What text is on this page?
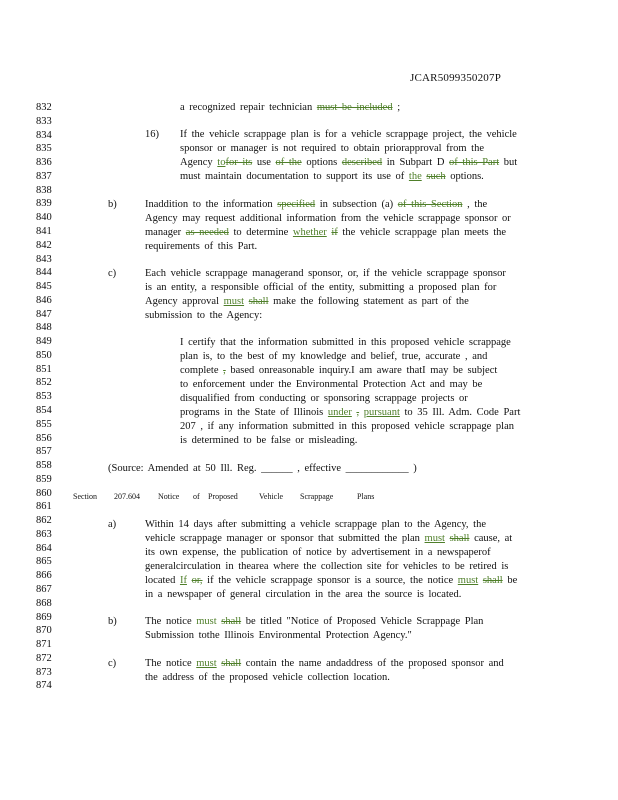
JCAR5099350207P
832
833
834
835
836
837
838
839
840
841
842
843
844
845
846
847
848
849
850
851
852
853
854
855
856
857
858
859
860
861
862
863
864
865
866
867
868
869
870
871
872
873
874
a recognized repair technician must be included ;
16) If the vehicle scrappage plan is for a vehicle scrappage project, the vehicle
sponsor or manager is not required to obtain priorapproval from the
Agency tofor its use of the options described in Subpart D of this Part but
must maintain documentation to support its use of the such options.
b)	Inaddition to the information specified in subsection (a) of this Section , the
Agency may request additional information from the vehicle scrappage sponsor or
manager as needed to determine whether if the vehicle scrappage plan meets the
requirements of this Part.
c)	Each vehicle scrappage managerand sponsor, or, if the vehicle scrappage sponsor
is an entity, a responsible official of the entity, submitting a proposed plan for
Agency approval must shall make the following statement as part of the
submission to the Agency:
I certify that the information submitted in this proposed vehicle scrappage
plan is, to the best of my knowledge and belief, true, accurate , and
complete , based onreasonable inquiry.I am aware thatI may be subject
to enforcement under the Environmental Protection Act and may be
disqualified from conducting or sponsoring scrappage projects or
programs in the State of Illinois under , pursuant to 35 Ill. Adm. Code Part
207 , if any information submitted in this proposed vehicle scrappage plan
is determined to be false or misleading.
(Source: Amended at 50 Ill. Reg. ______ , effective ____________ )
Section 207.604 Notice of Proposed	Vehicle Scrappage	Plans
a)	Within 14 days after submitting a vehicle scrappage plan to the Agency, the
vehicle scrappage manager or sponsor that submitted the plan must shall cause, at
its own expense, the publication of notice by advertisement in a newspaperof
generalcirculation in thearea where the collection site for vehicles to be retired is
located If or, if the vehicle scrappage sponsor is a source, the notice must shall be
in a newspaper of general circulation in the area the source is located.
b)	The notice must shall be titled "Notice of Proposed Vehicle Scrappage Plan
Submission tothe Illinois Environmental Protection Agency."
c)	The notice must shall contain the name andaddress of the proposed sponsor and
the address of the proposed vehicle collection location.
